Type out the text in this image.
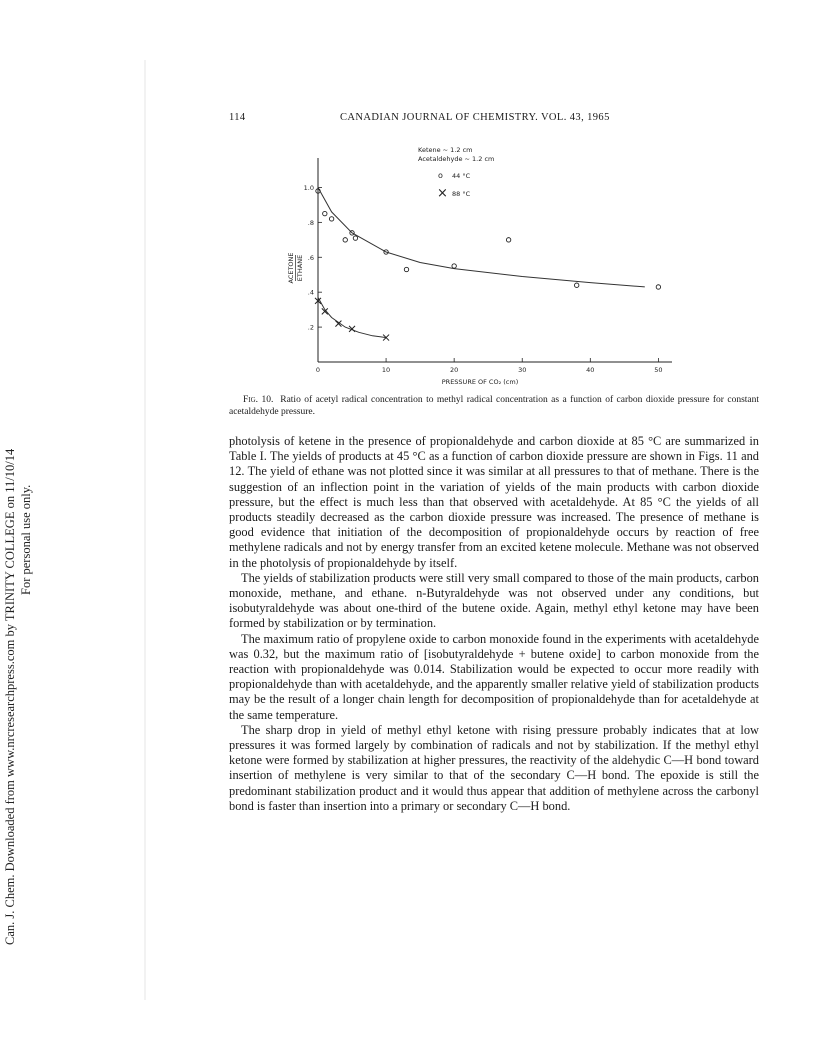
Can. J. Chem. Downloaded from www.nrcresearchpress.com by TRINITY COLLEGE on 11/10/14 For personal use only.
114	CANADIAN JOURNAL OF CHEMISTRY. VOL. 43, 1965
Ketene ~ 1.2 cm
Acetaldehyde ~ 1.2 cm
o 44 °C
× 88 °C
ACETONE ETHANE
PRESSURE OF CO₂ (cm)
0	10	20	30	40	50
1.0
.8
.6
.4
.2
Fig. 10. Ratio of acetyl radical concentration to methyl radical concentration as a function of carbon dioxide pressure for constant acetaldehyde pressure.

photolysis of ketene in the presence of propionaldehyde and carbon dioxide at 85 °C are summarized in Table I. The yields of products at 45 °C as a function of carbon dioxide pressure are shown in Figs. 11 and 12. The yield of ethane was not plotted since it was similar at all pressures to that of methane. There is the suggestion of an inflection point in the variation of yields of the main products with carbon dioxide pressure, but the effect is much less than that observed with acetaldehyde. At 85 °C the yields of all products steadily decreased as the carbon dioxide pressure was increased. The presence of methane is good evidence that initiation of the decomposition of propionaldehyde occurs by reaction of free methylene radicals and not by energy transfer from an excited ketene molecule. Methane was not observed in the photolysis of propionaldehyde by itself.

The yields of stabilization products were still very small compared to those of the main products, carbon monoxide, methane, and ethane. n-Butyraldehyde was not observed under any conditions, but isobutyraldehyde was about one-third of the butene oxide. Again, methyl ethyl ketone may have been formed by stabilization or by termination.

The maximum ratio of propylene oxide to carbon monoxide found in the experiments with acetaldehyde was 0.32, but the maximum ratio of [isobutyraldehyde + butene oxide] to carbon monoxide from the reaction with propionaldehyde was 0.014. Stabilization would be expected to occur more readily with propionaldehyde than with acetaldehyde, and the apparently smaller relative yield of stabilization products may be the result of a longer chain length for decomposition of propionaldehyde than for acetaldehyde at the same temperature.

The sharp drop in yield of methyl ethyl ketone with rising pressure probably indicates that at low pressures it was formed largely by combination of radicals and not by stabilization. If the methyl ethyl ketone were formed by stabilization at higher pressures, the reactivity of the aldehydic C—H bond toward insertion of methylene is very similar to that of the secondary C—H bond. The epoxide is still the predominant stabilization product and it would thus appear that addition of methylene across the carbonyl bond is faster than insertion into a primary or secondary C—H bond.
